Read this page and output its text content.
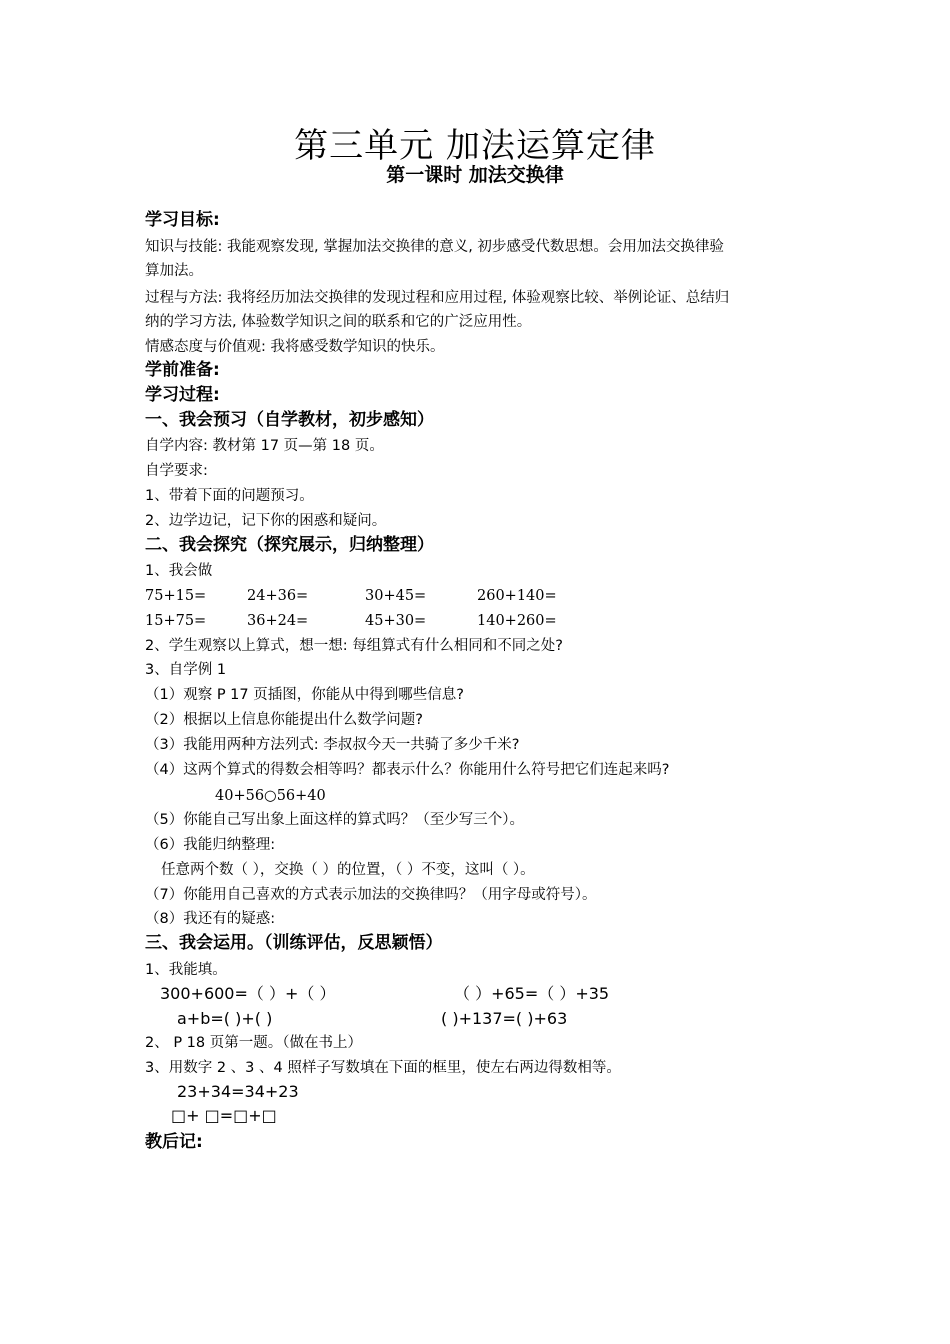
第三单元 加法运算定律
第一课时 加法交换律
学习目标:
知识与技能: 我能观察发现, 掌握加法交换律的意义, 初步感受代数思想。会用加法交换律验
算加法。
过程与方法: 我将经历加法交换律的发现过程和应用过程, 体验观察比较、举例论证、总结归
纳的学习方法, 体验数学知识之间的联系和它的广泛应用性。
情感态度与价值观: 我将感受数学知识的快乐。
学前准备:
学习过程:
一、我会预习（自学教材，初步感知）
自学内容: 教材第 17 页—第 18 页。
自学要求:
1、带着下面的问题预习。
2、边学边记，记下你的困惑和疑问。
二、我会探究（探究展示，归纳整理）
1、我会做
75+15=	24+36=	30+45=	260+140=
15+75=	36+24=	45+30=	140+260=
2、学生观察以上算式，想一想: 每组算式有什么相同和不同之处?
3、自学例 1
（1）观察 P 17 页插图，你能从中得到哪些信息?
（2）根据以上信息你能提出什么数学问题?
（3）我能用两种方法列式: 李叔叔今天一共骑了多少千米?
（4）这两个算式的得数会相等吗？都表示什么？你能用什么符号把它们连起来吗?
40+56○56+40
（5）你能自己写出象上面这样的算式吗？（至少写三个）。
（6）我能归纳整理:
任意两个数（ ），交换（ ）的位置，（ ）不变，这叫（ ）。
（7）你能用自己喜欢的方式表示加法的交换律吗？（用字母或符号）。
（8）我还有的疑惑:
三、我会运用。（训练评估，反思颖悟）
1、我能填。
300+600=（ ）+（ ）	（ ）+65=（ ）+35
a+b=( )+( )	( )+137=( )+63
2、 P 18 页第一题。（做在书上）
3、用数字 2 、3 、4 照样子写数填在下面的框里，使左右两边得数相等。
23+34=34+23
□+ □=□+□
教后记:
